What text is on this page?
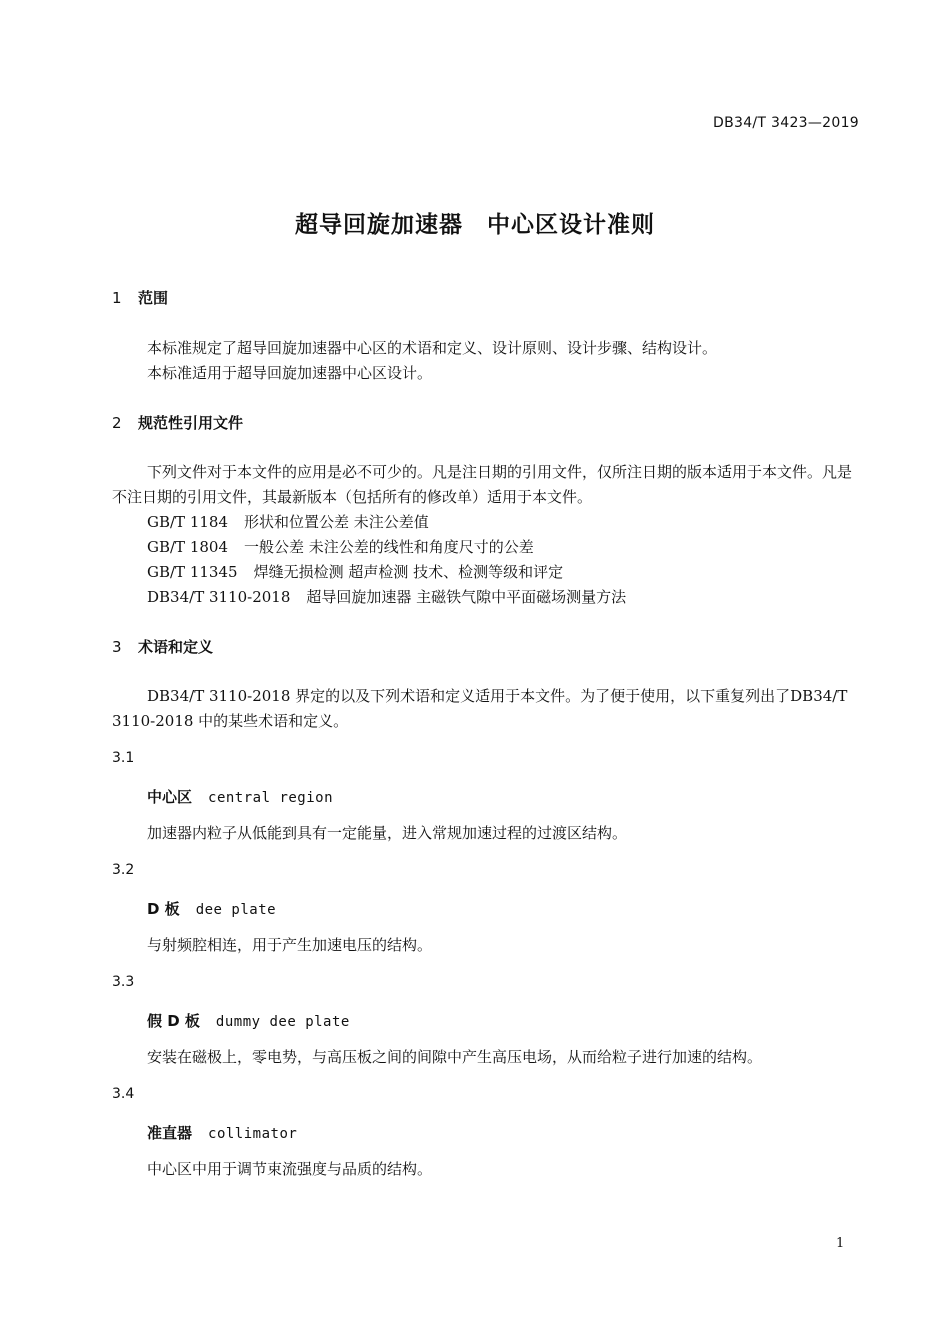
DB34/T 3423—2019
超导回旋加速器　中心区设计准则
1 范围
本标准规定了超导回旋加速器中心区的术语和定义、设计原则、设计步骤、结构设计。
本标准适用于超导回旋加速器中心区设计。
2 规范性引用文件
下列文件对于本文件的应用是必不可少的。凡是注日期的引用文件，仅所注日期的版本适用于本文件。凡是不注日期的引用文件，其最新版本（包括所有的修改单）适用于本文件。
GB/T 1184 形状和位置公差 未注公差值
GB/T 1804 一般公差 未注公差的线性和角度尺寸的公差
GB/T 11345 焊缝无损检测 超声检测 技术、检测等级和评定
DB34/T 3110-2018 超导回旋加速器 主磁铁气隙中平面磁场测量方法
3 术语和定义
DB34/T 3110-2018 界定的以及下列术语和定义适用于本文件。为了便于使用，以下重复列出了DB34/T 3110-2018 中的某些术语和定义。
3.1
中心区 central region
加速器内粒子从低能到具有一定能量，进入常规加速过程的过渡区结构。
3.2
D 板 dee plate
与射频腔相连，用于产生加速电压的结构。
3.3
假 D 板 dummy dee plate
安装在磁极上，零电势，与高压板之间的间隙中产生高压电场，从而给粒子进行加速的结构。
3.4
准直器 collimator
中心区中用于调节束流强度与品质的结构。
1
